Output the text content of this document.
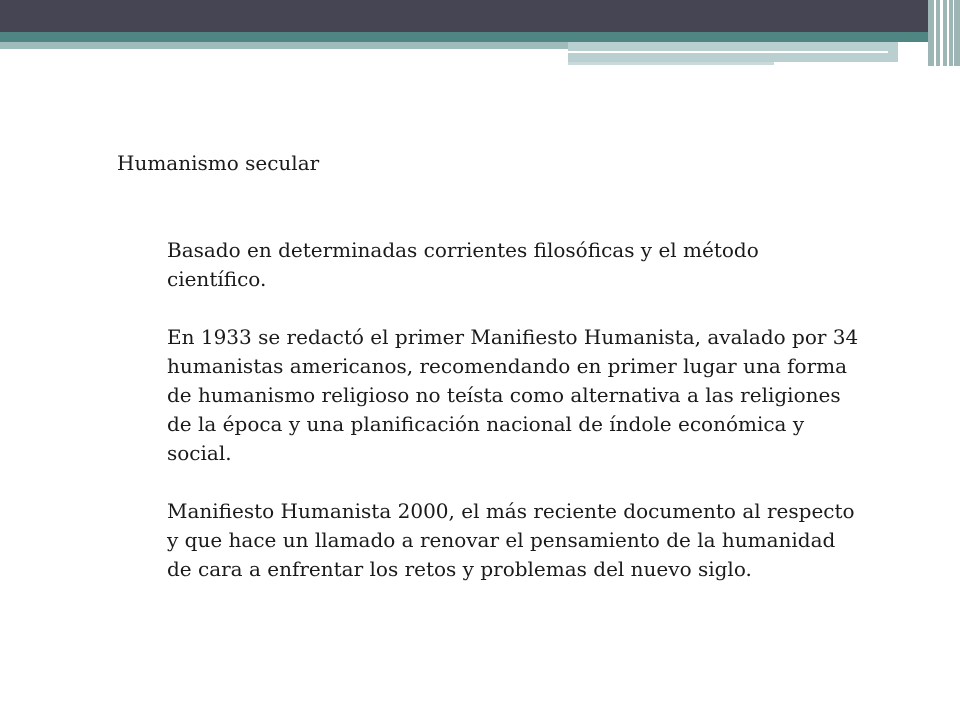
Humanismo secular

Basado en determinadas corrientes filosóficas y el método
científico.

En 1933 se redactó el primer Manifiesto Humanista, avalado por 34
humanistas americanos, recomendando en primer lugar una forma
de humanismo religioso no teísta como alternativa a las religiones
de la época y una planificación nacional de índole económica y
social.

Manifiesto Humanista 2000, el más reciente documento al respecto
y que hace un llamado a renovar el pensamiento de la humanidad
de cara a enfrentar los retos y problemas del nuevo siglo.
